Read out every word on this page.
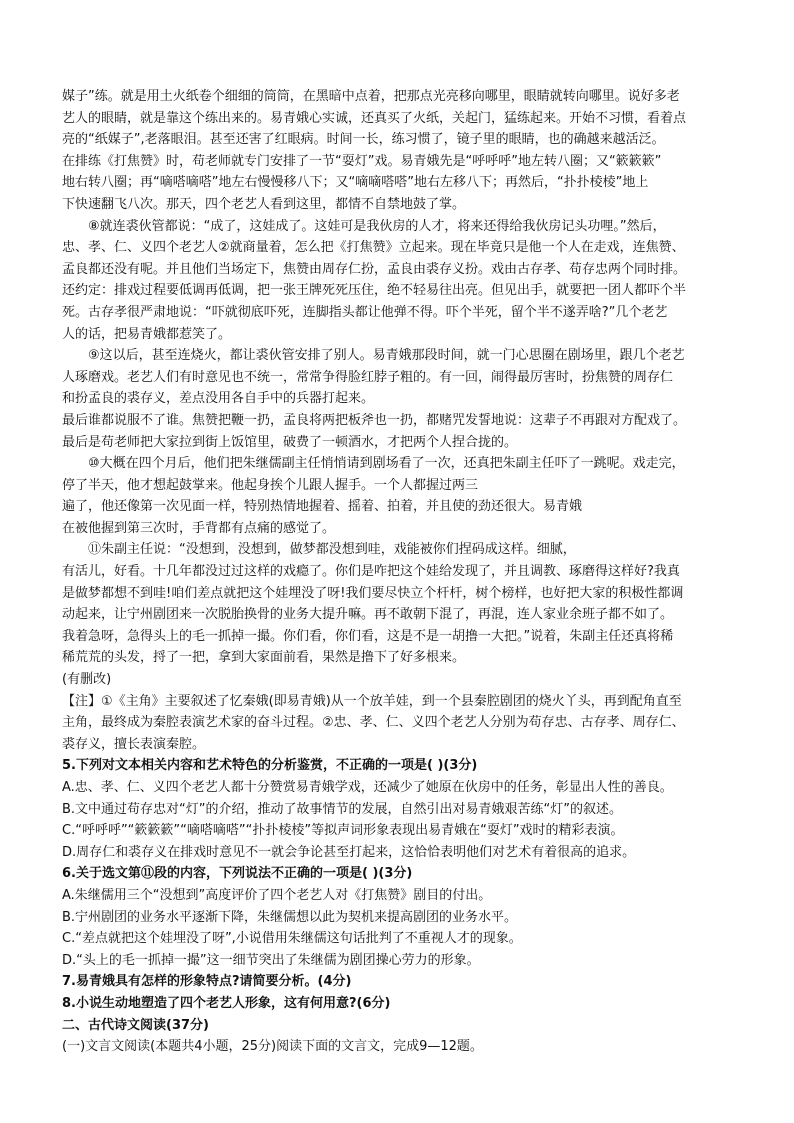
媒子”练。就是用土火纸卷个细细的筒筒，在黑暗中点着，把那点光亮移向哪里，眼睛就转向哪里。说好多老
艺人的眼睛，就是靠这个练出来的。易青娥心实诚，还真买了火纸，关起门，猛练起来。开始不习惯，看着点
亮的“纸媒子”,老落眼泪。甚至还害了红眼病。时间一长，练习惯了，镜子里的眼睛，也的确越来越活泛。
在排练《打焦赞》时，苟老师就专门安排了一节“耍灯”戏。易青娥先是“呼呼呼”地左转八圈；又“簌簌簌”
地右转八圈；再“嘀嗒嘀嗒”地左右慢慢移八下；又“嘀嘀嗒嗒”地右左移八下；再然后，“扑扑棱棱”地上
下快速翻飞八次。那天，四个老艺人看到这里，都情不自禁地鼓了掌。
⑧就连裘伙管都说：“成了，这娃成了。这娃可是我伙房的人才，将来还得给我伙房记头功哩。”然后，
忠、孝、仁、义四个老艺人②就商量着，怎么把《打焦赞》立起来。现在毕竟只是他一个人在走戏，连焦赞、
孟良都还没有呢。并且他们当场定下，焦赞由周存仁扮，孟良由裘存义扮。戏由古存孝、苟存忠两个同时排。
还约定：排戏过程要低调再低调，把一张王牌死死压住，绝不轻易往出亮。但见出手，就要把一团人都吓个半
死。古存孝很严肃地说：“吓就彻底吓死，连脚指头都让他弹不得。吓个半死，留个半不遂弄啥?”几个老艺
人的话，把易青娥都惹笑了。
⑨这以后，甚至连烧火，都让裘伙管安排了别人。易青娥那段时间，就一门心思圈在剧场里，跟几个老艺
人琢磨戏。老艺人们有时意见也不统一，常常争得脸红脖子粗的。有一回，闹得最厉害时，扮焦赞的周存仁
和扮孟良的裘存义，差点没用各自手中的兵器打起来。
最后谁都说服不了谁。焦赞把鞭一扔，孟良将两把板斧也一扔，都赌咒发誓地说：这辈子不再跟对方配戏了。
最后是苟老师把大家拉到街上饭馆里，破费了一顿酒水，才把两个人捏合拢的。
⑩大概在四个月后，他们把朱继儒副主任悄悄请到剧场看了一次，还真把朱副主任吓了一跳呢。戏走完，
停了半天，他才想起鼓掌来。他起身挨个儿跟人握手。一个人都握过两三
遍了，他还像第一次见面一样，特别热情地握着、摇着、拍着，并且使的劲还很大。易青娥
在被他握到第三次时，手背都有点痛的感觉了。
⑪朱副主任说：“没想到，没想到，做梦都没想到哇，戏能被你们捏码成这样。细腻，
有活儿，好看。十几年都没过过这样的戏瘾了。你们是咋把这个娃给发现了，并且调教、琢磨得这样好?我真
是做梦都想不到哇!咱们差点就把这个娃埋没了呀!我们要尽快立个杆杆，树个榜样，也好把大家的积极性都调
动起来，让宁州剧团来一次脱胎换骨的业务大提升嘛。再不敢朝下混了，再混，连人家业余班子都不如了。
我着急呀，急得头上的毛一抓掉一撮。你们看，你们看，这是不是一胡撸一大把。”说着，朱副主任还真将稀
稀荒荒的头发，捋了一把，拿到大家面前看，果然是撸下了好多根来。
(有删改)
【注】①《主角》主要叙述了忆秦娥(即易青娥)从一个放羊娃，到一个县秦腔剧团的烧火丫头，再到配角直至
主角，最终成为秦腔表演艺术家的奋斗过程。②忠、孝、仁、义四个老艺人分别为苟存忠、古存孝、周存仁、
裘存义，擅长表演秦腔。
5.下列对文本相关内容和艺术特色的分析鉴赏，不正确的一项是( )(3分)
A.忠、孝、仁、义四个老艺人都十分赞赏易青娥学戏，还减少了她原在伙房中的任务，彰显出人性的善良。
B.文中通过苟存忠对“灯”的介绍，推动了故事情节的发展，自然引出对易青娥艰苦练“灯”的叙述。
C.“呼呼呼”“簌簌簌”“嘀嗒嘀嗒”“扑扑棱棱”等拟声词形象表现出易青娥在“耍灯”戏时的精彩表演。
D.周存仁和裘存义在排戏时意见不一就会争论甚至打起来，这恰恰表明他们对艺术有着很高的追求。
6.关于选文第⑪段的内容，下列说法不正确的一项是( )(3分)
A.朱继儒用三个“没想到”高度评价了四个老艺人对《打焦赞》剧目的付出。
B.宁州剧团的业务水平逐渐下降，朱继儒想以此为契机来提高剧团的业务水平。
C.“差点就把这个娃埋没了呀”,小说借用朱继儒这句话批判了不重视人才的现象。
D.“头上的毛一抓掉一撮”这一细节突出了朱继儒为剧团操心劳力的形象。
7.易青娥具有怎样的形象特点?请简要分析。(4分)
8.小说生动地塑造了四个老艺人形象，这有何用意?(6分)
二、古代诗文阅读(37分)
(一)文言文阅读(本题共4小题，25分)阅读下面的文言文，完成9—12题。
